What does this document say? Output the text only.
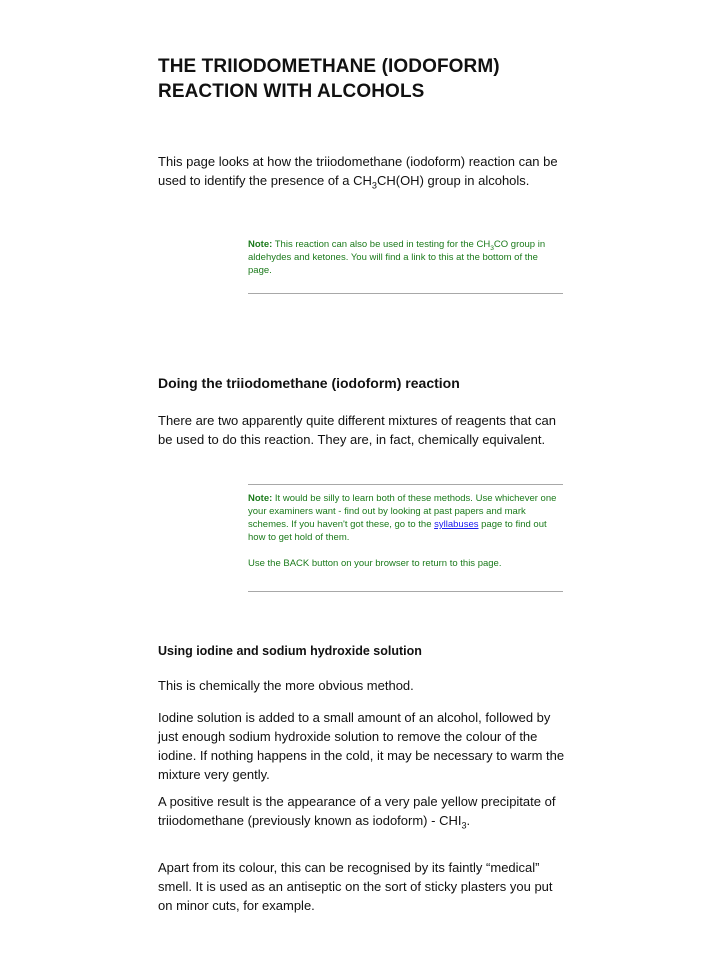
THE TRIIODOMETHANE (IODOFORM)
REACTION WITH ALCOHOLS

This page looks at how the triiodomethane (iodoform) reaction can be used to identify the presence of a $CH_3CH(OH)$ group in alcohols.

Note: This reaction can also be used in testing for the $CH_3CO$ group in aldehydes and ketones. You will find a link to this at the bottom of the page.

Doing the triiodomethane (iodoform) reaction

There are two apparently quite different mixtures of reagents that can be used to do this reaction. They are, in fact, chemically equivalent.

Note: It would be silly to learn both of these methods. Use whichever one your examiners want - find out by looking at past papers and mark schemes. If you haven't got these, go to the syllabuses page to find out how to get hold of them.

Use the BACK button on your browser to return to this page.

Using iodine and sodium hydroxide solution

This is chemically the more obvious method.

Iodine solution is added to a small amount of an alcohol, followed by just enough sodium hydroxide solution to remove the colour of the iodine. If nothing happens in the cold, it may be necessary to warm the mixture very gently.

A positive result is the appearance of a very pale yellow precipitate of triiodomethane (previously known as iodoform) - $CHI_3$.

Apart from its colour, this can be recognised by its faintly “medical” smell. It is used as an antiseptic on the sort of sticky plasters you put on minor cuts, for example.
